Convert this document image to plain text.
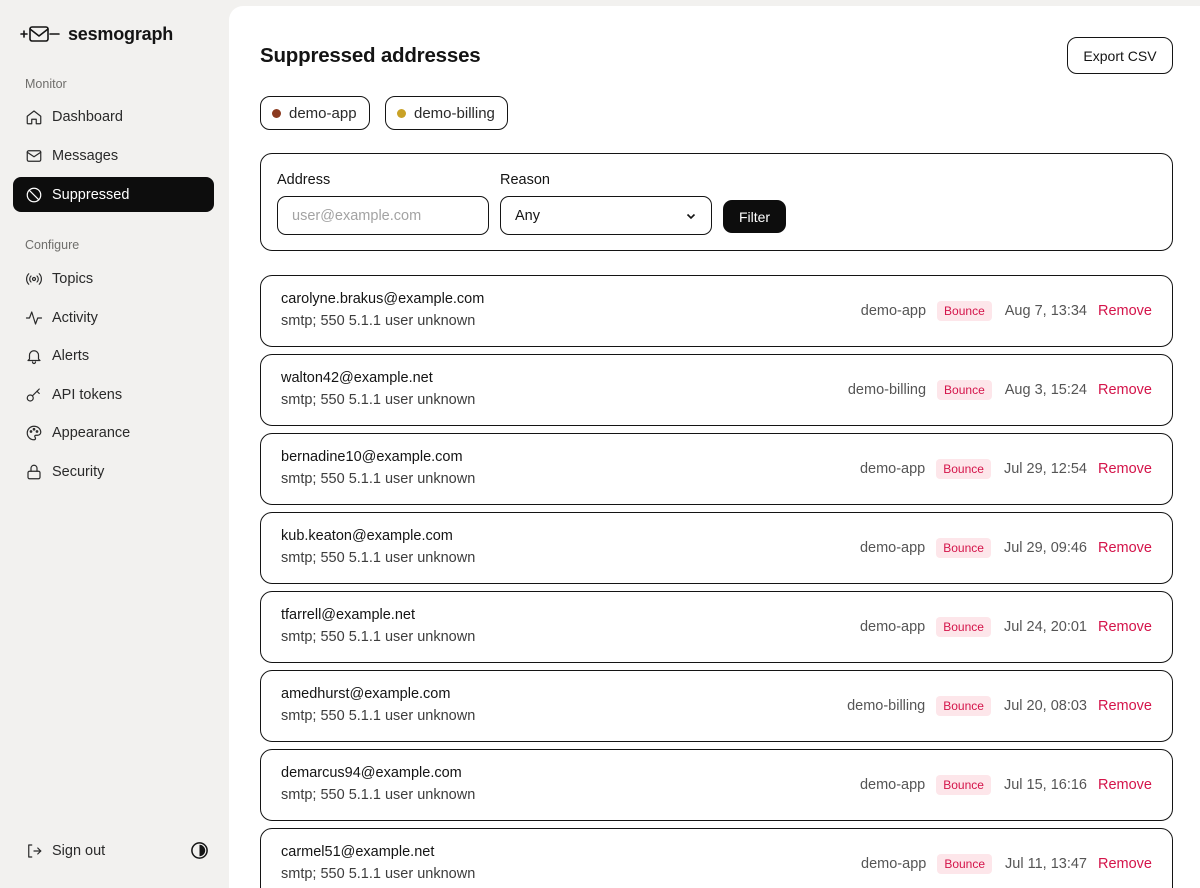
sesmograph
Monitor
Dashboard
Messages
Suppressed
Configure
Topics
Activity
Alerts
API tokens
Appearance
Security
Sign out
Suppressed addresses	Export CSV
demo-app	demo-billing
Address
user@example.com	Reason
Any	Filter
carolyne.brakus@example.com
smtp; 550 5.1.1 user unknown
demo-app	Bounce	Aug 7, 13:34 Remove
walton42@example.net
smtp; 550 5.1.1 user unknown
demo-billing	Bounce	Aug 3, 15:24 Remove
bernadine10@example.com
smtp; 550 5.1.1 user unknown
demo-app	Bounce	Jul 29, 12:54 Remove
kub.keaton@example.com
smtp; 550 5.1.1 user unknown
demo-app	Bounce	Jul 29, 09:46 Remove
tfarrell@example.net
smtp; 550 5.1.1 user unknown
demo-app	Bounce	Jul 24, 20:01 Remove
amedhurst@example.com
smtp; 550 5.1.1 user unknown
demo-billing	Bounce	Jul 20, 08:03 Remove
demarcus94@example.com
smtp; 550 5.1.1 user unknown
demo-app	Bounce	Jul 15, 16:16 Remove
carmel51@example.net
smtp; 550 5.1.1 user unknown
demo-app	Bounce	Jul 11, 13:47 Remove
